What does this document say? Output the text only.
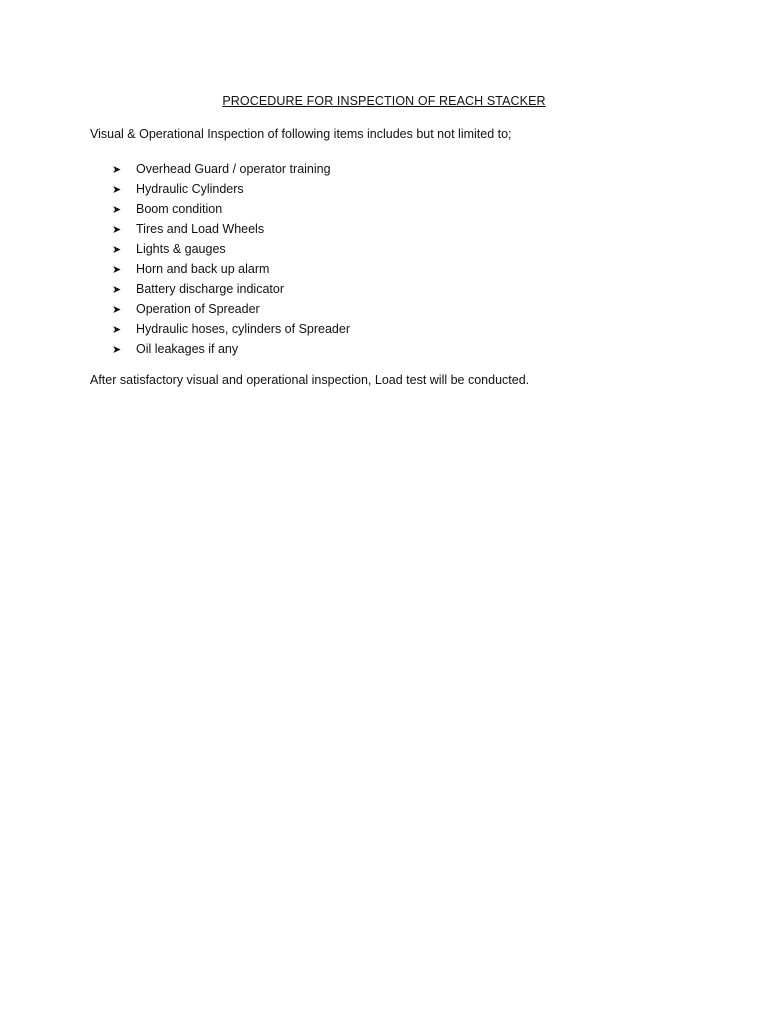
PROCEDURE FOR INSPECTION OF REACH STACKER
Visual & Operational Inspection of following items includes but not limited to;
➤	Overhead Guard / operator training
➤	Hydraulic Cylinders
➤	Boom condition
➤	Tires and Load Wheels
➤	Lights & gauges
➤	Horn and back up alarm
➤	Battery discharge indicator
➤	Operation of Spreader
➤	Hydraulic hoses, cylinders of Spreader
➤	Oil leakages if any
After satisfactory visual and operational inspection, Load test will be conducted.
